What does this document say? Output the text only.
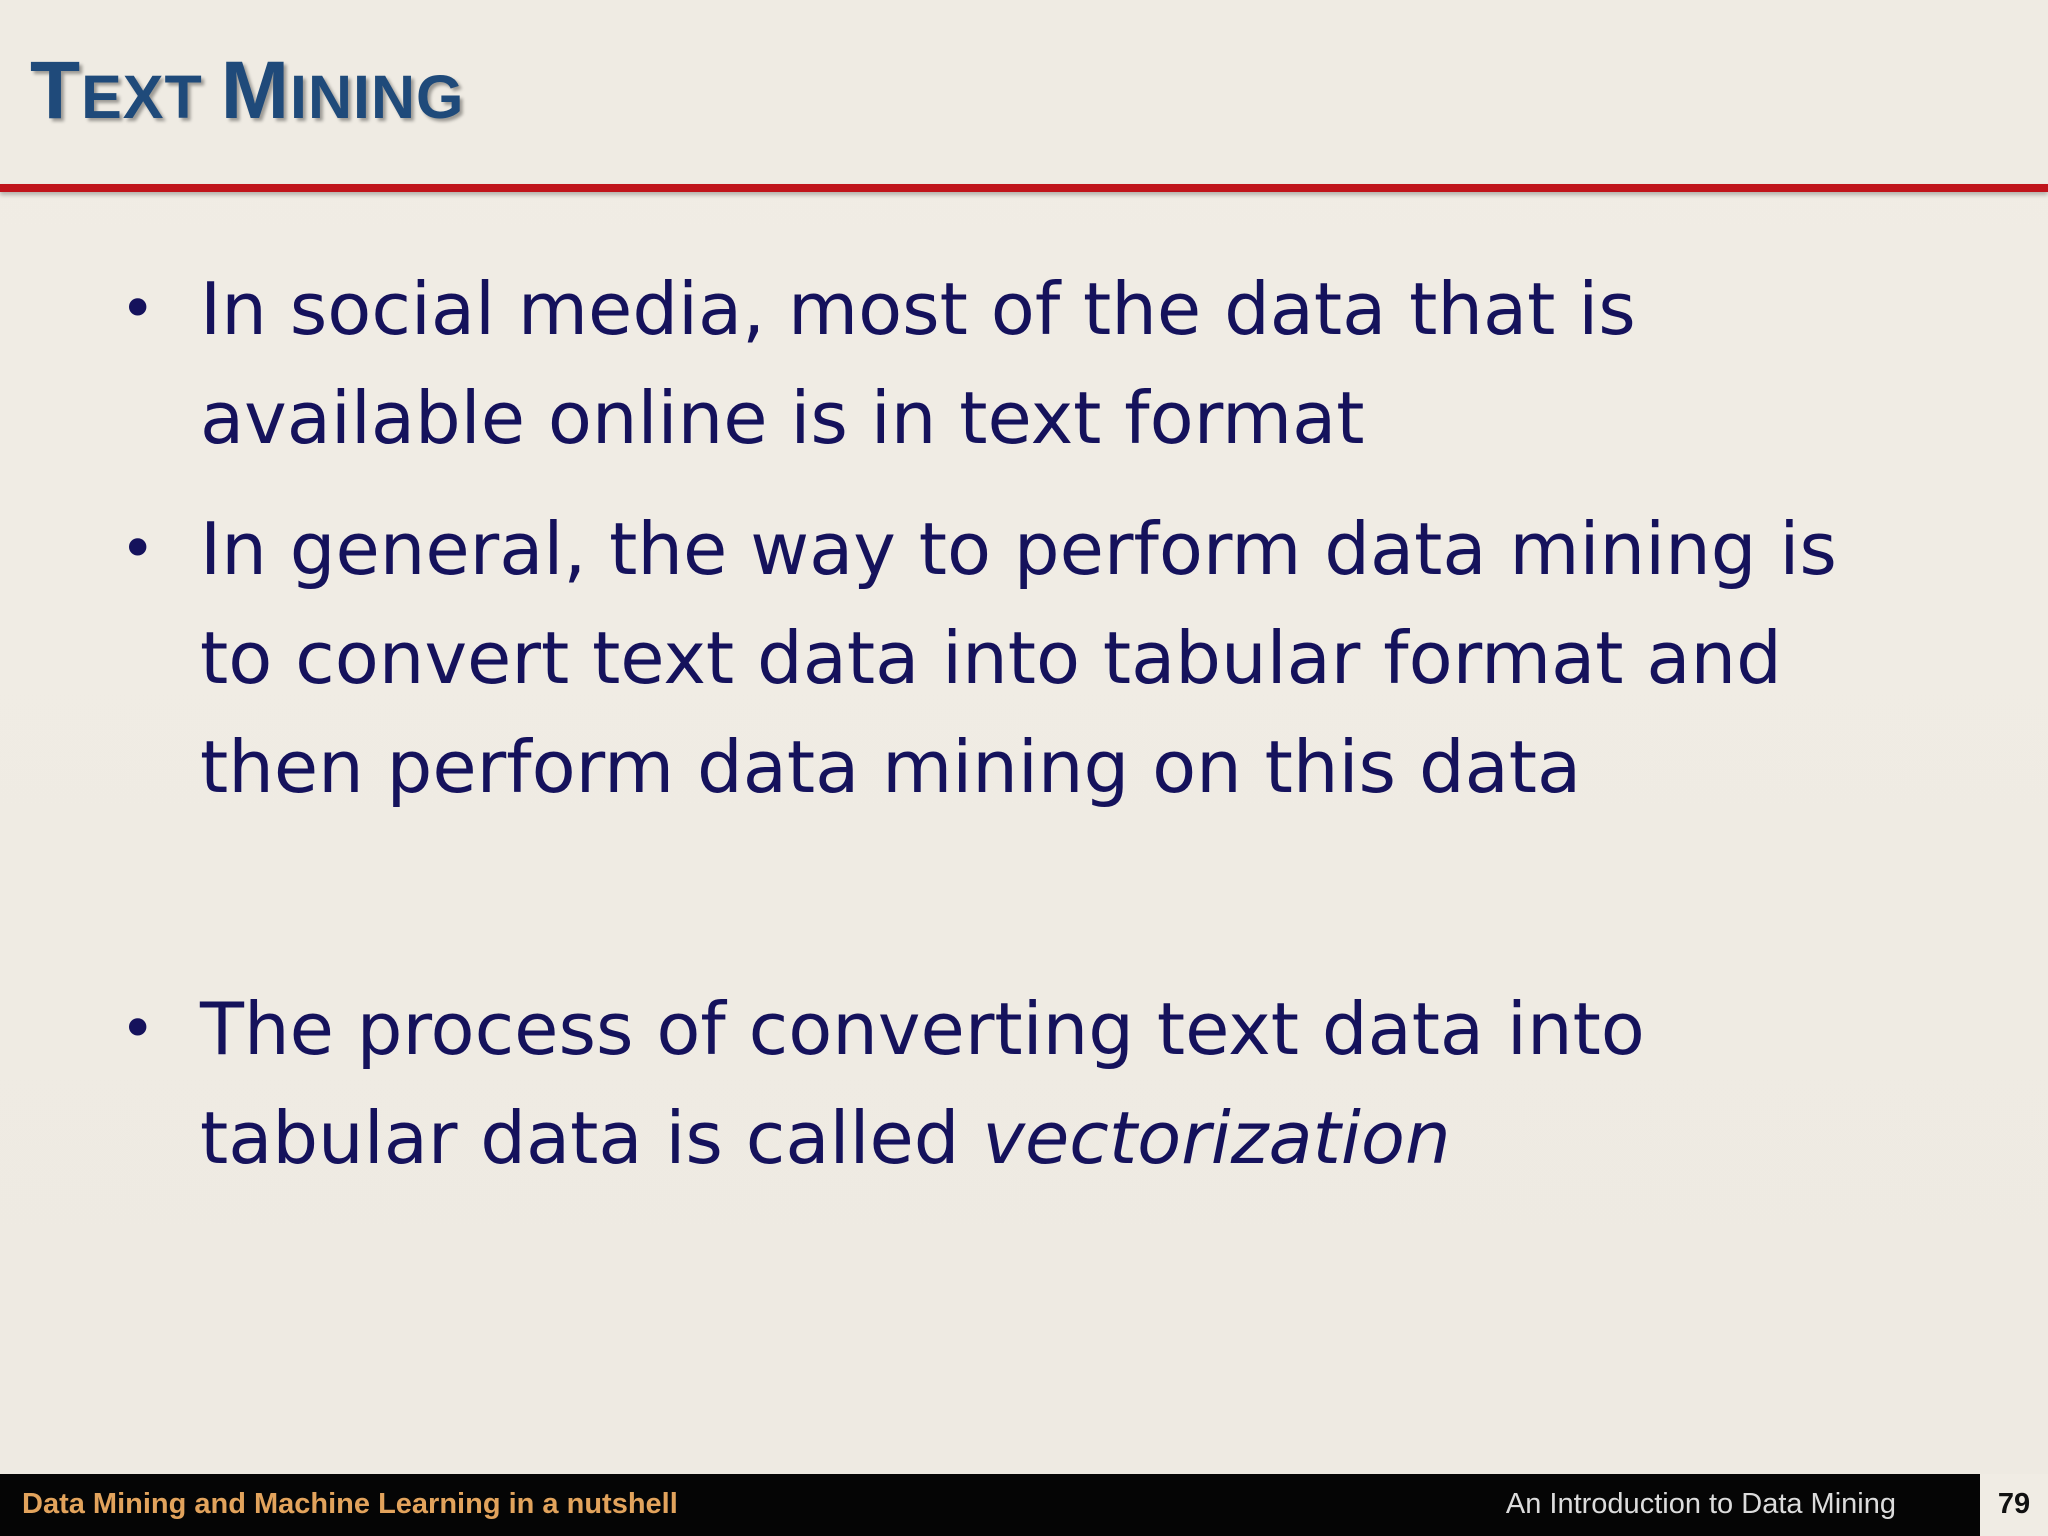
TEXT MINING
• In social media, most of the data that is
available online is in text format
• In general, the way to perform data mining is
to convert text data into tabular format and
then perform data mining on this data
• The process of converting text data into
tabular data is called vectorization
Data Mining and Machine Learning in a nutshell	An Introduction to Data Mining	79
